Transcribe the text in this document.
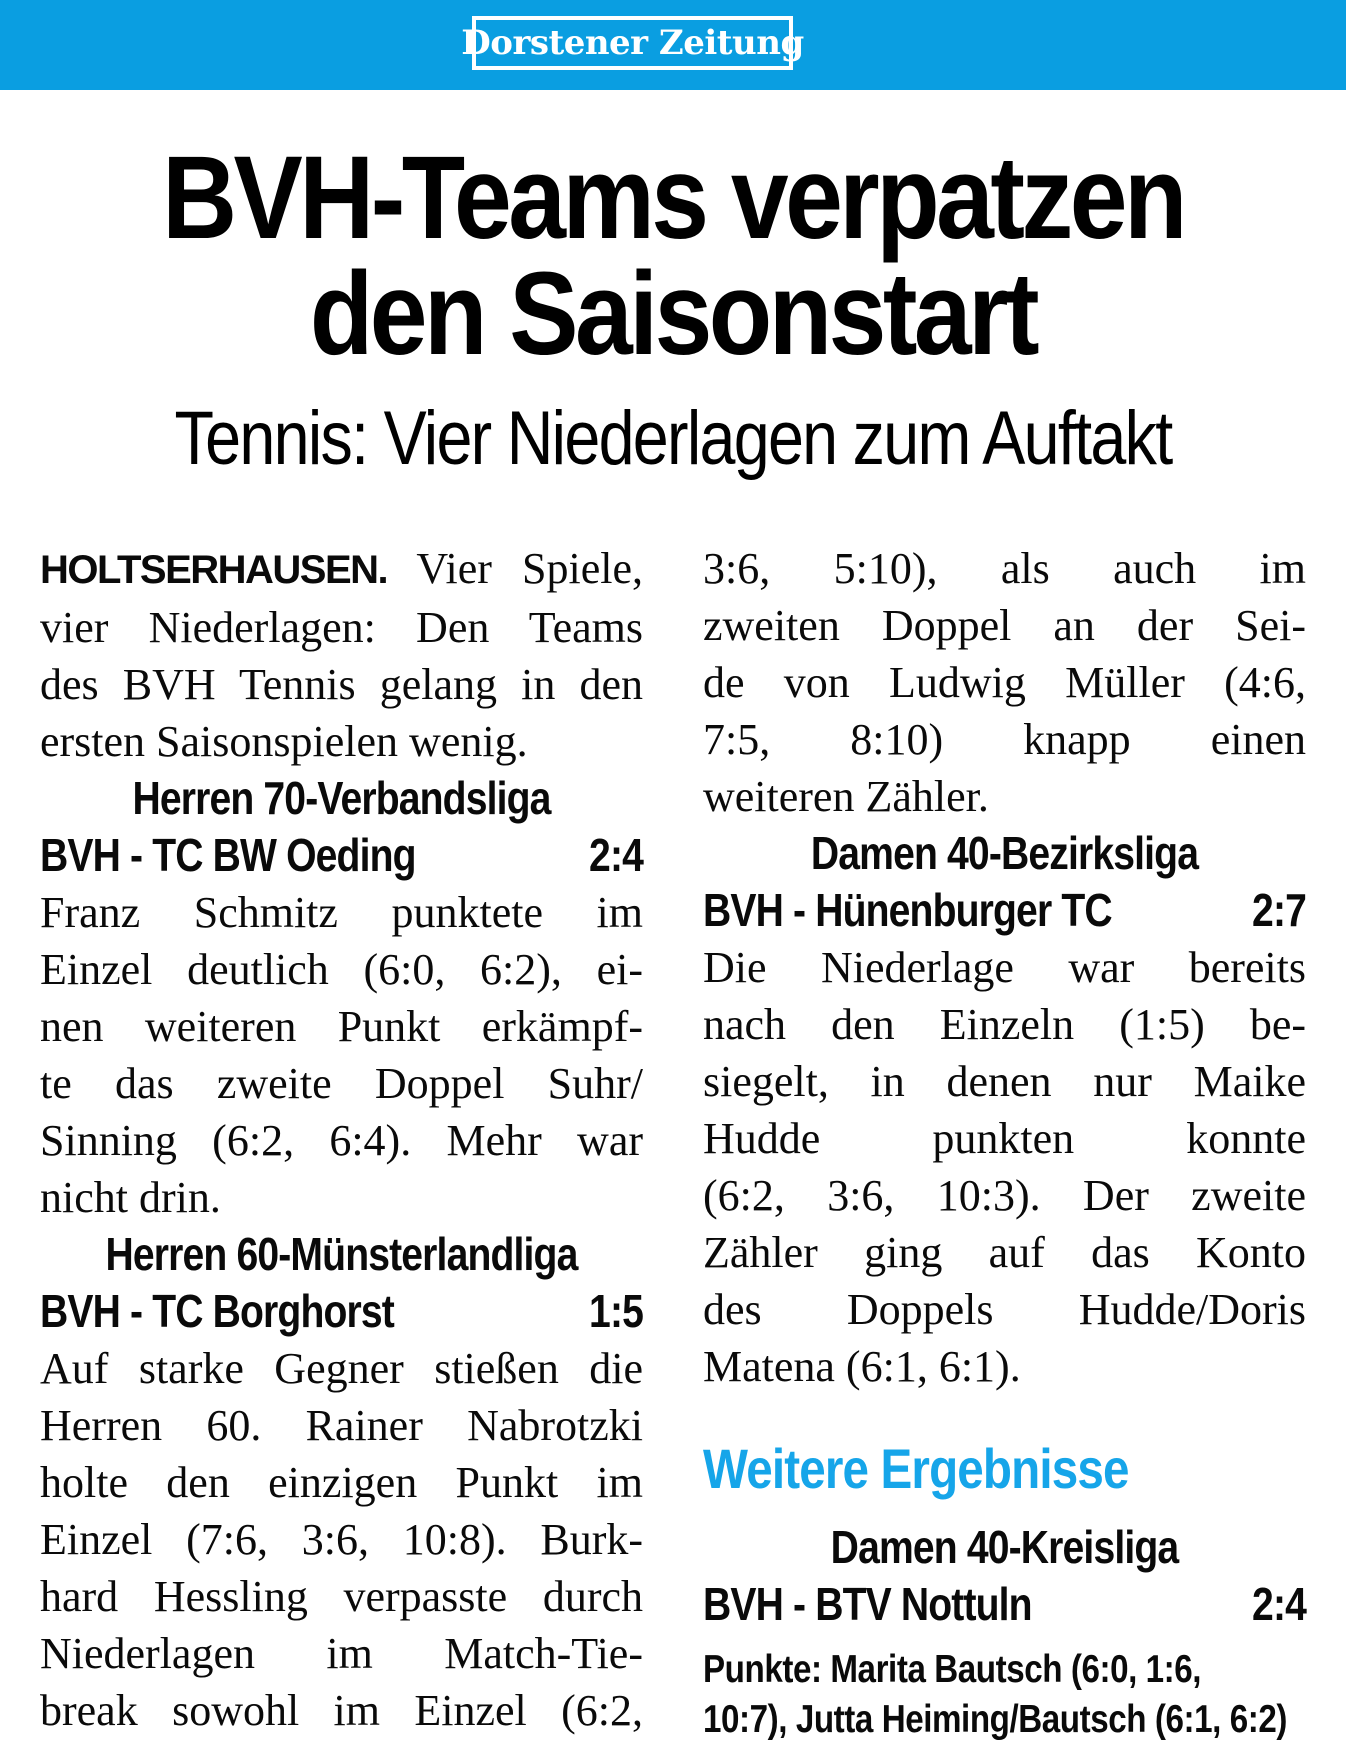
Dorstener Zeitung
BVH-Teams verpatzen
den Saisonstart
Tennis: Vier Niederlagen zum Auftakt
HOLTSERHAUSEN. Vier Spiele,
vier Niederlagen: Den Teams
des BVH Tennis gelang in den
ersten Saisonspielen wenig.
Herren 70-Verbandsliga
BVH - TC BW Oeding	2:4
Franz Schmitz punktete im
Einzel deutlich (6:0, 6:2), ei-
nen weiteren Punkt erkämpf-
te das zweite Doppel Suhr/
Sinning (6:2, 6:4). Mehr war
nicht drin.
Herren 60-Münsterlandliga
BVH - TC Borghorst	1:5
Auf starke Gegner stießen die
Herren 60. Rainer Nabrotzki
holte den einzigen Punkt im
Einzel (7:6, 3:6, 10:8). Burk-
hard Hessling verpasste durch
Niederlagen im Match-Tie-
break sowohl im Einzel (6:2,
3:6, 5:10), als auch im
zweiten Doppel an der Sei-
de von Ludwig Müller (4:6,
7:5, 8:10) knapp einen
weiteren Zähler.
Damen 40-Bezirksliga
BVH - Hünenburger TC	2:7
Die Niederlage war bereits
nach den Einzeln (1:5) be-
siegelt, in denen nur Maike
Hudde punkten konnte
(6:2, 3:6, 10:3). Der zweite
Zähler ging auf das Konto
des Doppels Hudde/Doris
Matena (6:1, 6:1).
Weitere Ergebnisse
Damen 40-Kreisliga
BVH - BTV Nottuln	2:4
Punkte: Marita Bautsch (6:0, 1:6,
10:7), Jutta Heiming/Bautsch (6:1, 6:2)
